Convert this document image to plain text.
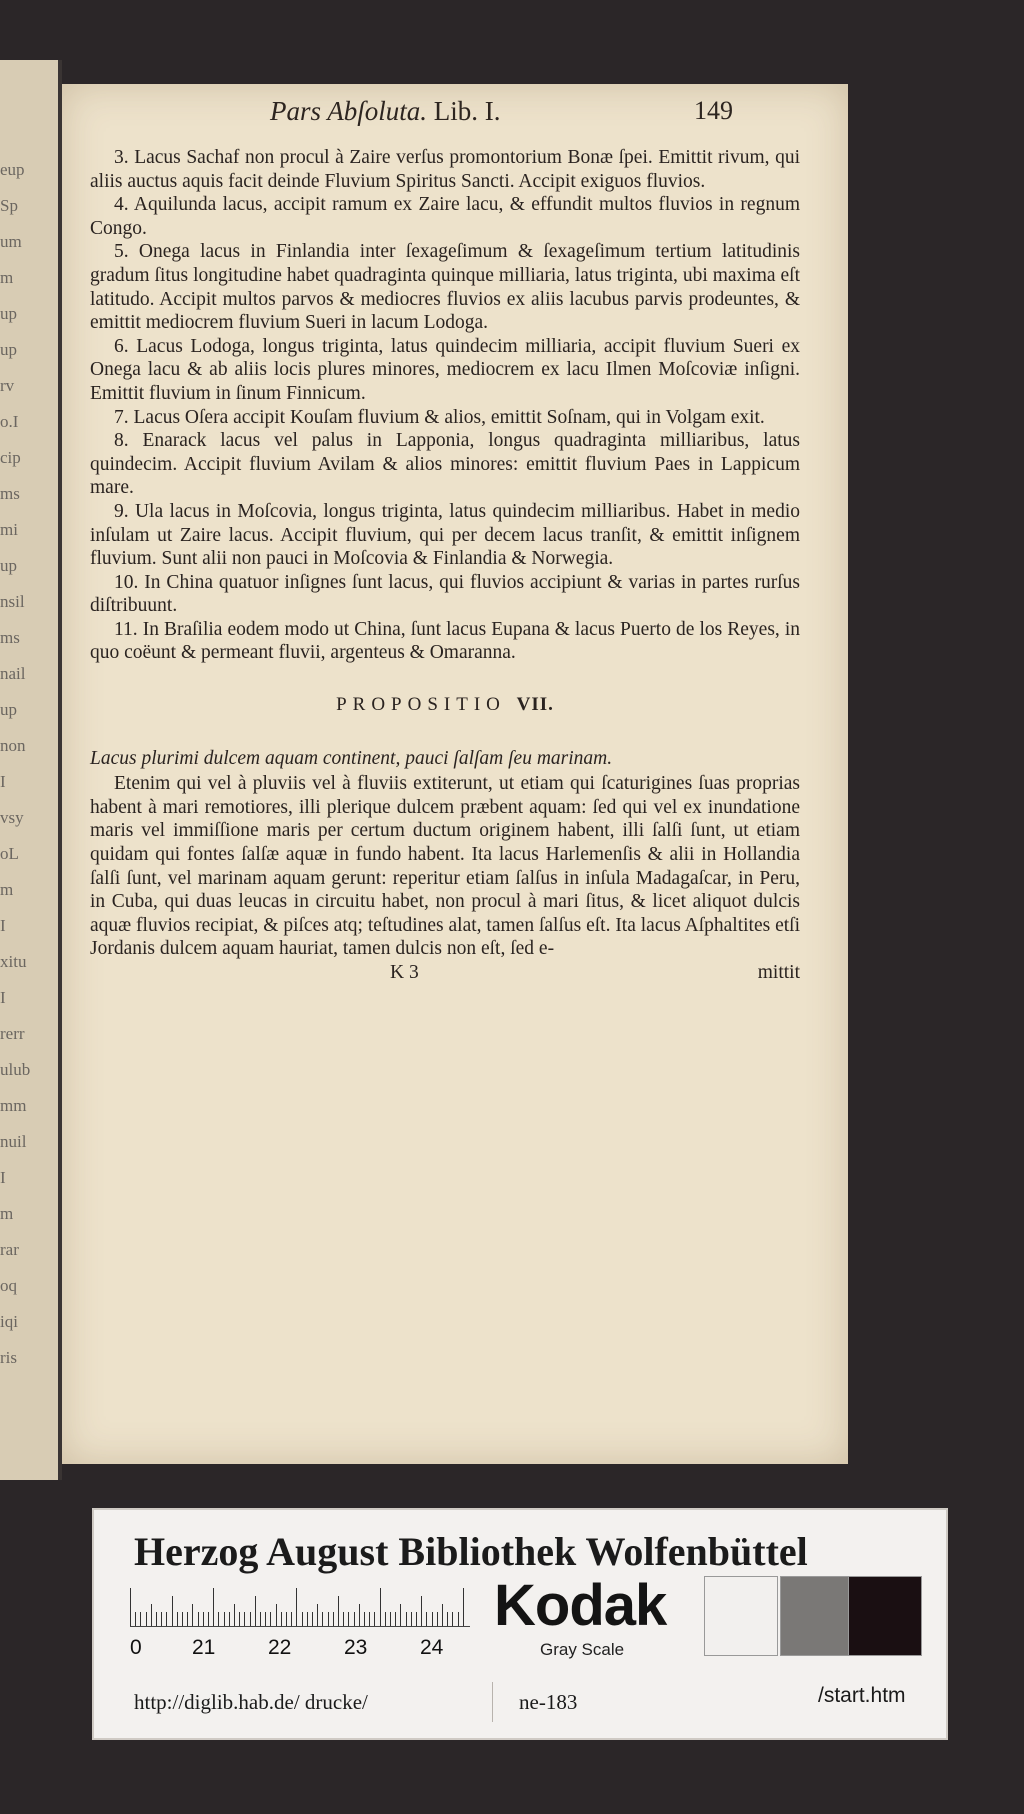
eup
Sp
um
m
up
up
rv
o.I
cip
ms
mi
up
nsil
ms
nail
up
non
I
vsy
oL
m
I
xitu
I
rerr
ulub
mm
nuil
I
m
rar
oq
iqi
ris
Pars Abſoluta. Lib. I.	149

3. Lacus Sachaf non procul à Zaire verſus promontorium Bonæ ſpei. Emittit rivum, qui aliis auctus aquis facit deinde Fluvium Spiritus Sancti. Accipit exiguos fluvios.

4. Aquilunda lacus, accipit ramum ex Zaire lacu, & effundit multos fluvios in regnum Congo.

5. Onega lacus in Finlandia inter ſexageſimum & ſexageſimum tertium latitudinis gradum ſitus longitudine habet quadraginta quinque milliaria, latus triginta, ubi maxima eſt latitudo. Accipit multos parvos & mediocres fluvios ex aliis lacubus parvis prodeuntes, & emittit mediocrem fluvium Sueri in lacum Lodoga.

6. Lacus Lodoga, longus triginta, latus quindecim milliaria, accipit fluvium Sueri ex Onega lacu & ab aliis locis plures minores, mediocrem ex lacu Ilmen Moſcoviæ inſigni. Emittit fluvium in ſinum Finnicum.

7. Lacus Oſera accipit Kouſam fluvium & alios, emittit Soſnam, qui in Volgam exit.

8. Enarack lacus vel palus in Lapponia, longus quadraginta milliaribus, latus quindecim. Accipit fluvium Avilam & alios minores: emittit fluvium Paes in Lappicum mare.

9. Ula lacus in Moſcovia, longus triginta, latus quindecim milliaribus. Habet in medio inſulam ut Zaire lacus. Accipit fluvium, qui per decem lacus tranſit, & emittit inſignem fluvium. Sunt alii non pauci in Moſcovia & Finlandia & Norwegia.

10. In China quatuor inſignes ſunt lacus, qui fluvios accipiunt & varias in partes rurſus diſtribuunt.

11. In Braſilia eodem modo ut China, ſunt lacus Eupana & lacus Puerto de los Reyes, in quo coëunt & permeant fluvii, argenteus & Omaranna.

PROPOSITIO VII.

Lacus plurimi dulcem aquam continent, pauci ſalſam ſeu marinam.

Etenim qui vel à pluviis vel à fluviis extiterunt, ut etiam qui ſcaturigines ſuas proprias habent à mari remotiores, illi plerique dulcem præbent aquam: ſed qui vel ex inundatione maris vel immiſſione maris per certum ductum originem habent, illi ſalſi ſunt, ut etiam quidam qui fontes ſalſæ aquæ in fundo habent. Ita lacus Harlemenſis & alii in Hollandia ſalſi ſunt, vel marinam aquam gerunt: reperitur etiam ſalſus in inſula Madagaſcar, in Peru, in Cuba, qui duas leucas in circuitu habet, non procul à mari ſitus, & licet aliquot dulcis aquæ fluvios recipiat, & piſces atq; teſtudines alat, tamen ſalſus eſt. Ita lacus Aſphaltites etſi Jordanis dulcem aquam hauriat, tamen dulcis non eſt, ſed e-

K 3	mittit
Herzog August Bibliothek Wolfenbüttel
0 21	22	23	24
Kodak
Gray Scale
http://diglib.hab.de/ drucke/	ne-183	/start.htm
